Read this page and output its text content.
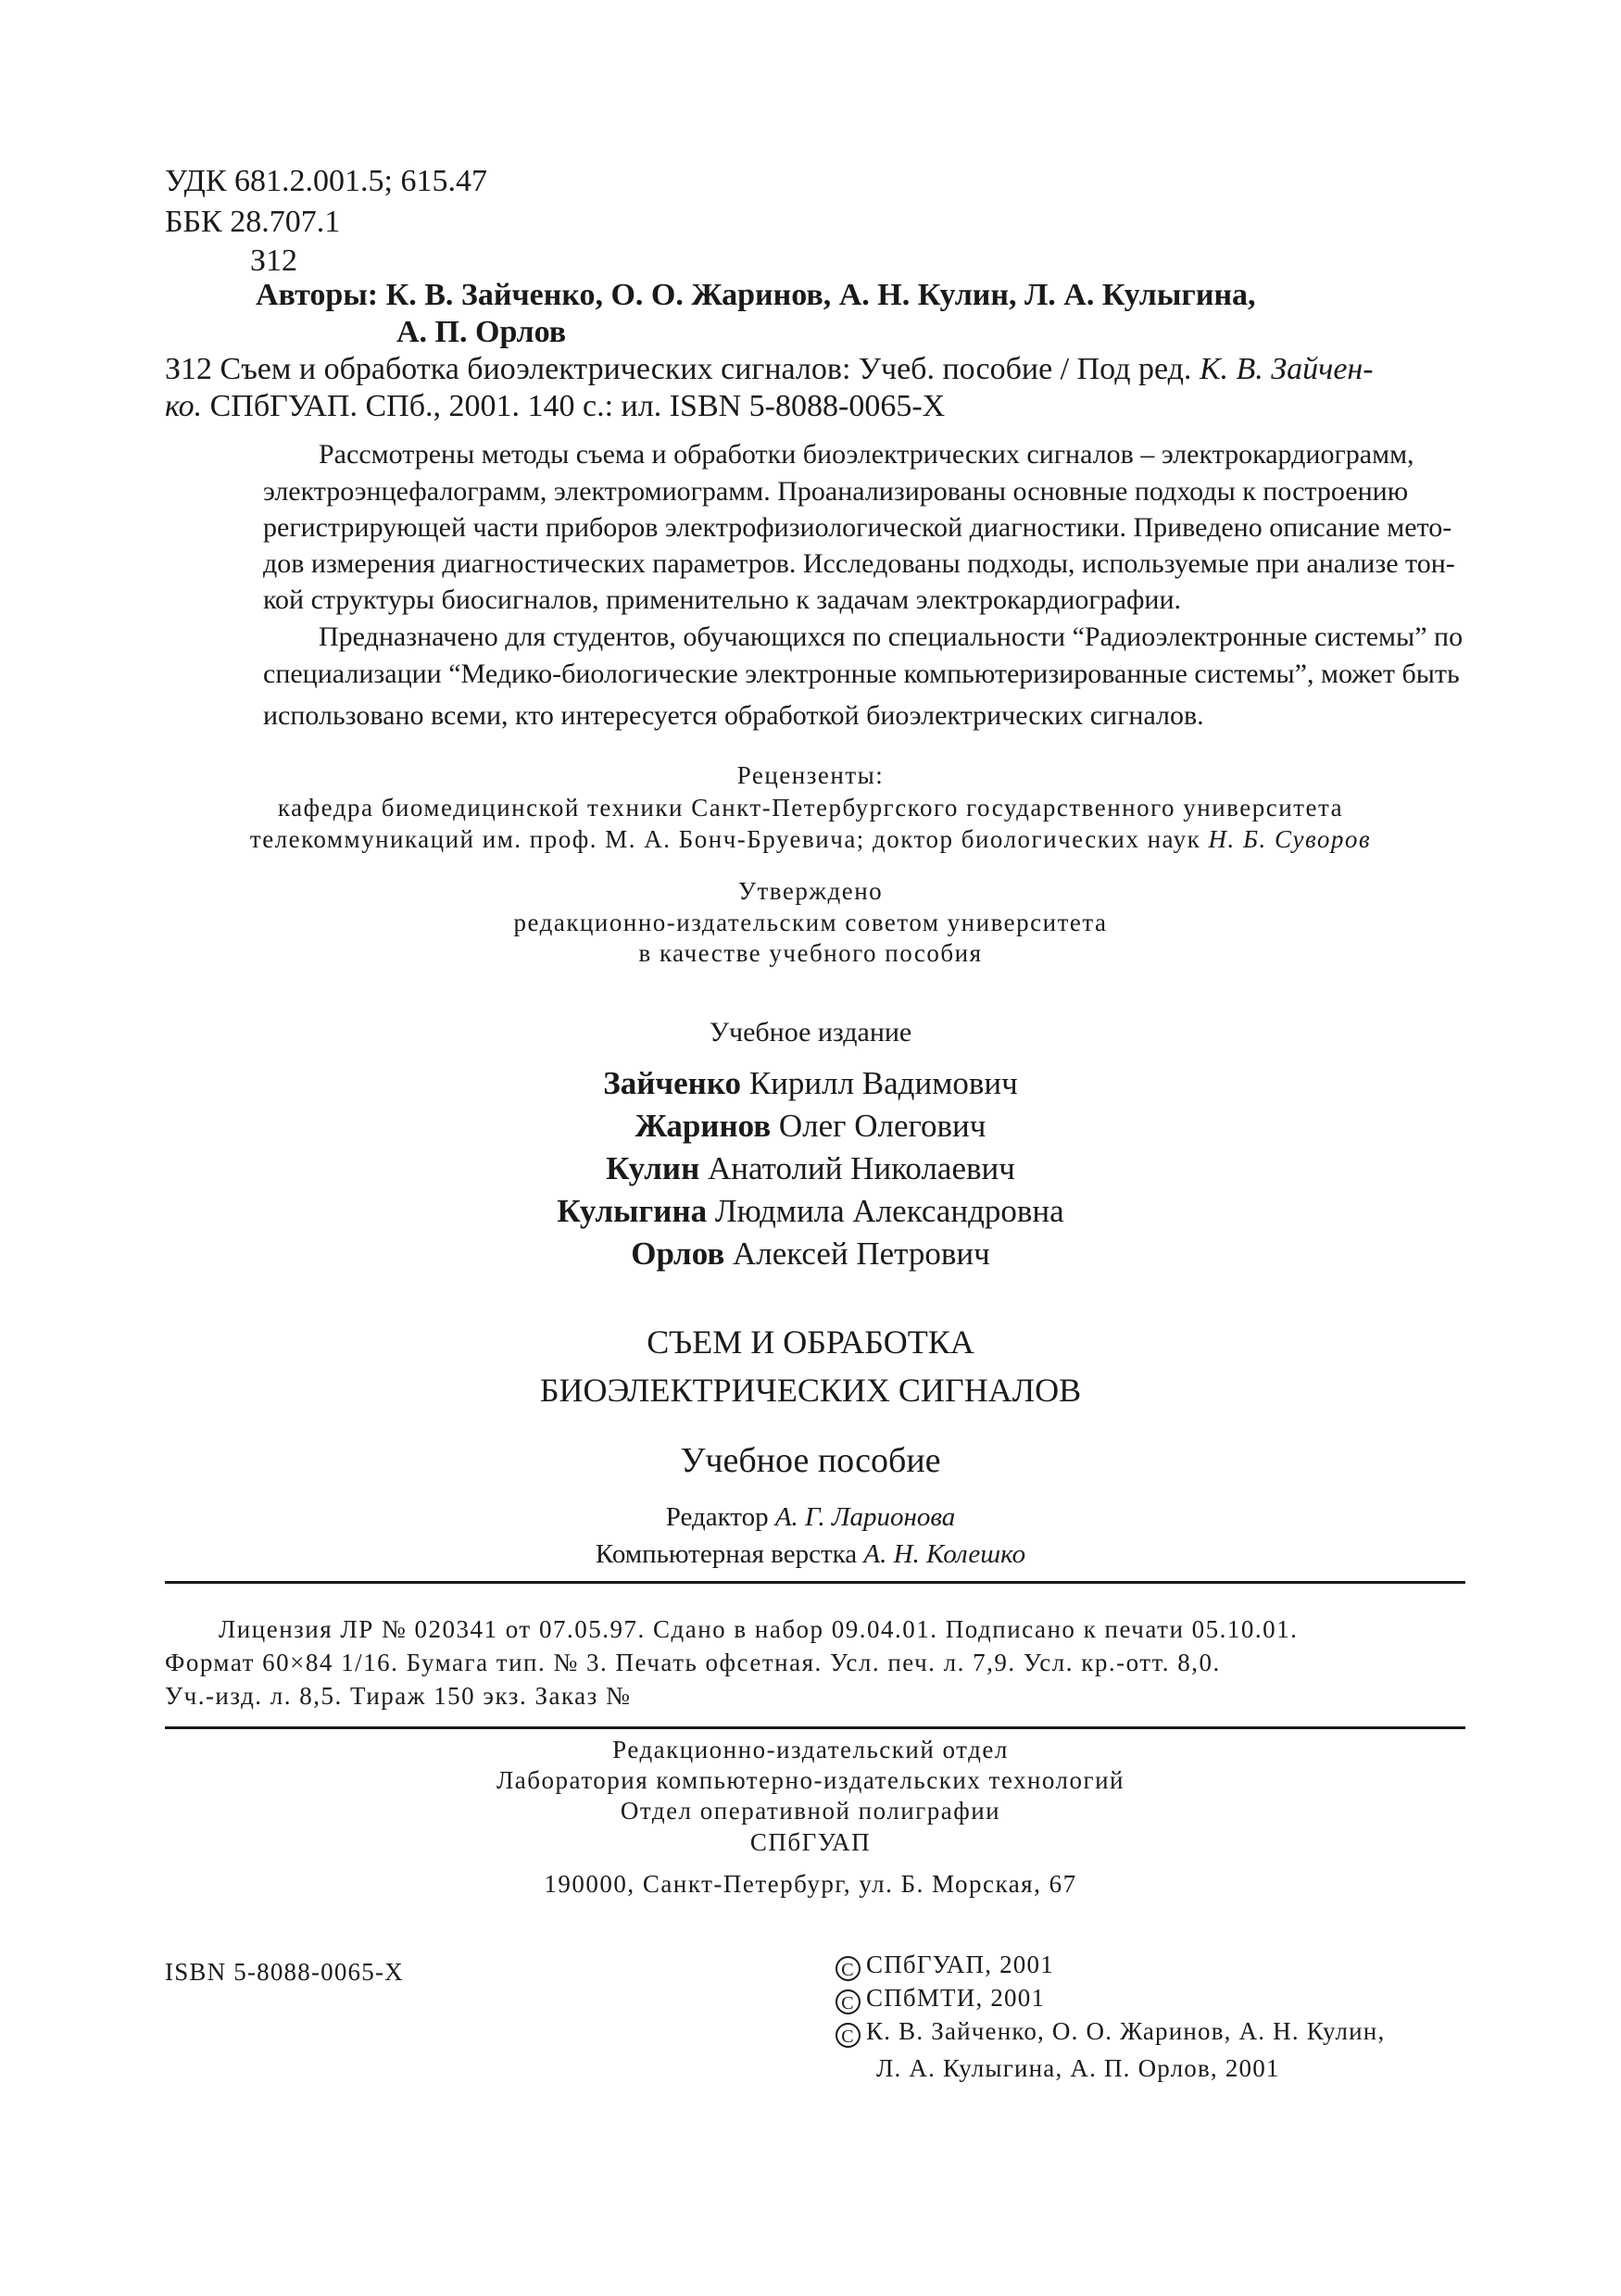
УДК 681.2.001.5; 615.47
ББК 28.707.1
З12
Авторы: К. В. Зайченко, О. О. Жаринов, А. Н. Кулин, Л. А. Кулыгина,
А. П. Орлов
З12 Съем и обработка биоэлектрических сигналов: Учеб. пособие / Под ред. К. В. Зайчен-
ко. СПбГУАП. СПб., 2001. 140 с.: ил. ISBN 5-8088-0065-X
Рассмотрены методы съема и обработки биоэлектрических сигналов – электрокардиограмм,
электроэнцефалограмм, электромиограмм. Проанализированы основные подходы к построению
регистрирующей части приборов электрофизиологической диагностики. Приведено описание мето-
дов измерения диагностических параметров. Исследованы подходы, используемые при анализе тон-
кой структуры биосигналов, применительно к задачам электрокардиографии.
Предназначено для студентов, обучающихся по специальности “Радиоэлектронные системы” по
специализации “Медико-биологические электронные компьютеризированные системы”, может быть
использовано всеми, кто интересуется обработкой биоэлектрических сигналов.
Рецензенты:
кафедра биомедицинской техники Санкт-Петербургского государственного университета
телекоммуникаций им. проф. М. А. Бонч-Бруевича; доктор биологических наук Н. Б. Суворов
Утверждено
редакционно-издательским советом университета
в качестве учебного пособия
Учебное издание
Зайченко Кирилл Вадимович
Жаринов Олег Олегович
Кулин Анатолий Николаевич
Кулыгина Людмила Александровна
Орлов Алексей Петрович
СЪЕМ И ОБРАБОТКА
БИОЭЛЕКТРИЧЕСКИХ СИГНАЛОВ
Учебное пособие
Редактор А. Г. Ларионова
Компьютерная верстка А. Н. Колешко
Лицензия ЛР № 020341 от 07.05.97. Сдано в набор 09.04.01. Подписано к печати 05.10.01.
Формат 60×84 1/16. Бумага тип. № 3. Печать офсетная. Усл. печ. л. 7,9. Усл. кр.-отт. 8,0.
Уч.-изд. л. 8,5. Тираж 150 экз. Заказ №
Редакционно-издательский отдел
Лаборатория компьютерно-издательских технологий
Отдел оперативной полиграфии
СПбГУАП
190000, Санкт-Петербург, ул. Б. Морская, 67
ISBN 5-8088-0065-X	C СПбГУАП, 2001
C СПбМТИ, 2001
C К. В. Зайченко, О. О. Жаринов, А. Н. Кулин,
Л. А. Кулыгина, А. П. Орлов, 2001
